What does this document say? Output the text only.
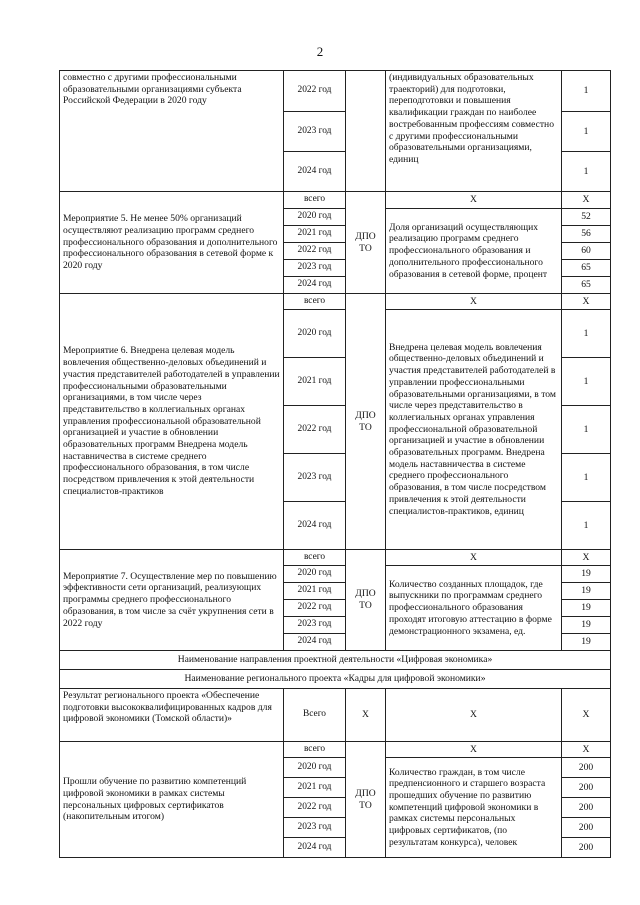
2
совместно с другими профессиональными образовательными организациями субъекта Российской Федерации в 2020 году	2022 год		(индивидуальных образовательных траекторий) для подготовки, переподготовки и повышения квалификации граждан по наиболее востребованным профессиям совместно с другими профессиональными образовательными организациями, единиц	1
	2023 год			1
	2024 год			1
Мероприятие 5. Не менее 50% организаций осуществляют реализацию программ среднего профессионального образования и дополнительного профессионального образования в сетевой форме к 2020 году	всего	ДПО ТО	X	X
	2020 год		Доля организаций осуществляющих реализацию программ среднего профессионального образования и дополнительного профессионального образования в сетевой форме, процент	52
	2021 год			56
	2022 год			60
	2023 год			65
	2024 год			65
Мероприятие 6. Внедрена целевая модель вовлечения общественно-деловых объединений и участия представителей работодателей в управлении профессиональными образовательными организациями, в том числе через представительство в коллегиальных органах управления профессиональной образовательной организацией и участие в обновлении образовательных программ Внедрена модель наставничества в системе среднего профессионального образования, в том числе посредством привлечения к этой деятельности специалистов-практиков	всего	ДПО ТО	X	X
	2020 год		Внедрена целевая модель вовлечения общественно-деловых объединений и участия представителей работодателей в управлении профессиональными образовательными организациями, в том числе через представительство в коллегиальных органах управления профессиональной образовательной организацией и участие в обновлении образовательных программ. Внедрена модель наставничества в системе среднего профессионального образования, в том числе посредством привлечения к этой деятельности специалистов-практиков, единиц	1
	2021 год			1
	2022 год			1
	2023 год			1
	2024 год			1
Мероприятие 7. Осуществление мер по повышению эффективности сети организаций, реализующих программы среднего профессионального образования, в том числе за счёт укрупнения сети в 2022 году	всего	ДПО ТО	X	X
	2020 год		Количество созданных площадок, где выпускники по программам среднего профессионального образования проходят итоговую аттестацию в форме демонстрационного экзамена, ед.	19
	2021 год			19
	2022 год			19
	2023 год			19
	2024 год			19
Наименование направления проектной деятельности «Цифровая экономика»				
Наименование регионального проекта «Кадры для цифровой экономики»				
Результат регионального проекта «Обеспечение подготовки высококвалифицированных кадров для цифровой экономики (Томской области)»	Всего	X	X	X
Прошли обучение по развитию компетенций цифровой экономики в рамках системы персональных цифровых сертификатов (накопительным итогом)	всего	ДПО ТО	X	X
	2020 год		Количество граждан, в том числе предпенсионного и старшего возраста прошедших обучение по развитию компетенций цифровой экономики в рамках системы персональных цифровых сертификатов, (по результатам конкурса), человек	200
	2021 год			200
	2022 год			200
	2023 год			200
	2024 год			200
